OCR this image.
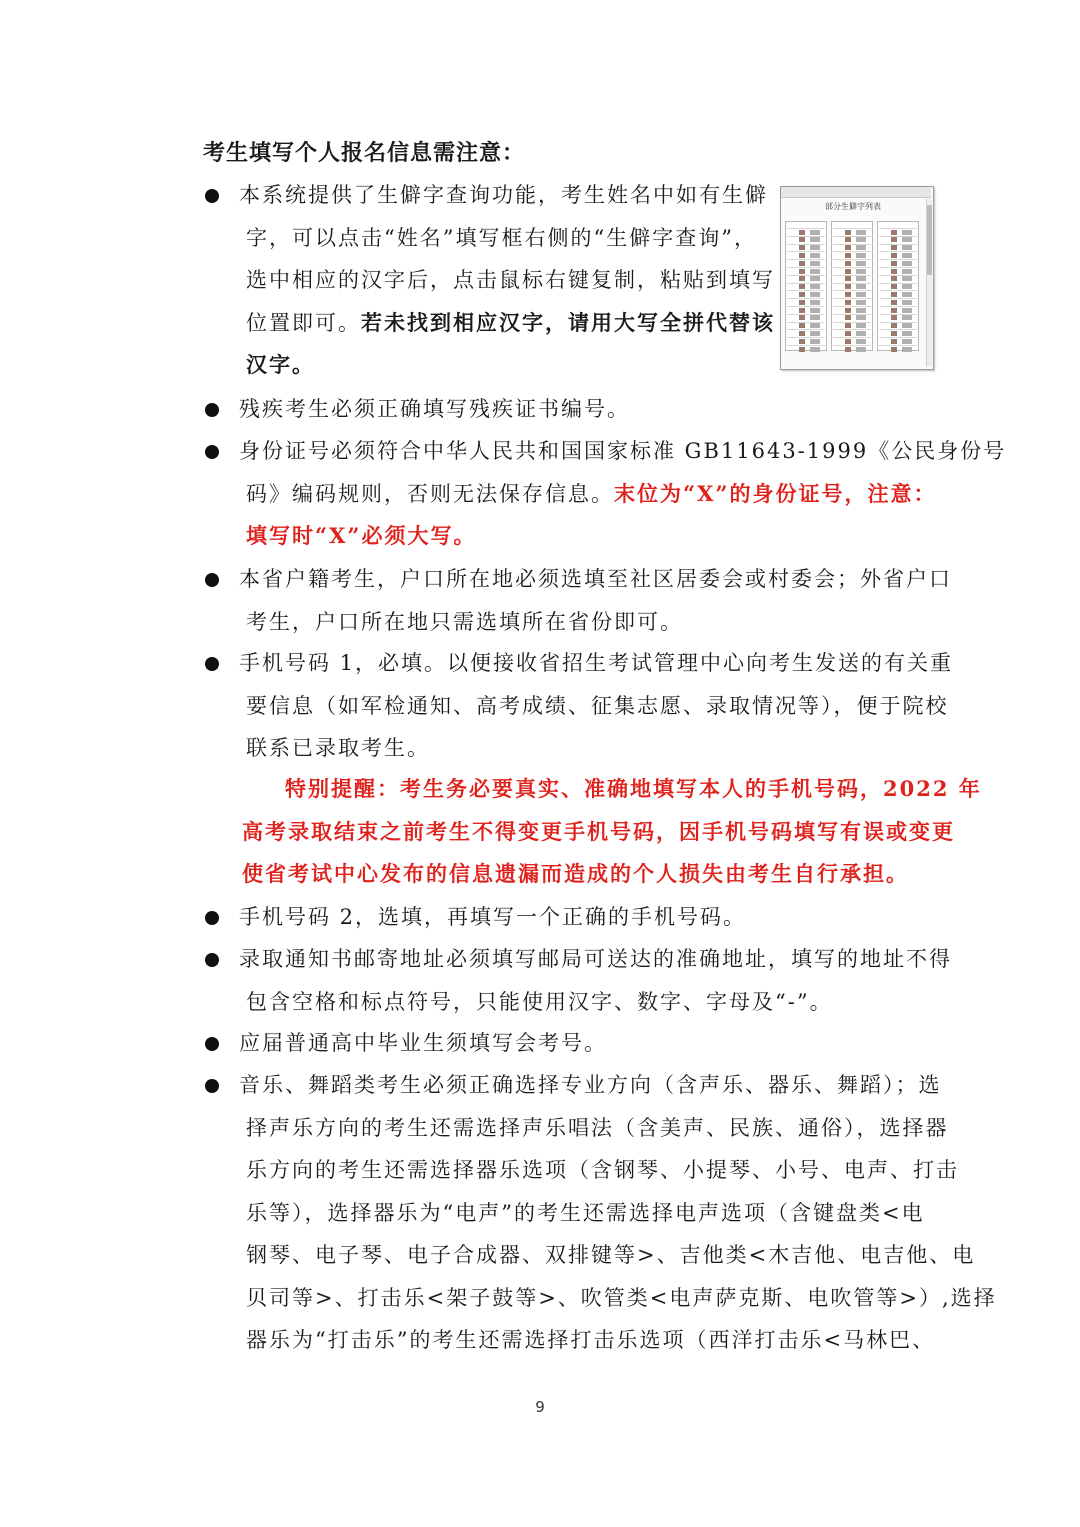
考生填写个人报名信息需注意：
本系统提供了生僻字查询功能，考生姓名中如有生僻
字，可以点击“姓名”填写框右侧的“生僻字查询”，
选中相应的汉字后，点击鼠标右键复制，粘贴到填写
位置即可。若未找到相应汉字，请用大写全拼代替该
汉字。
残疾考生必须正确填写残疾证书编号。
身份证号必须符合中华人民共和国国家标准 GB11643-1999《公民身份号
码》编码规则，否则无法保存信息。末位为“X”的身份证号，注意：
填写时“X”必须大写。
本省户籍考生，户口所在地必须选填至社区居委会或村委会；外省户口
考生，户口所在地只需选填所在省份即可。
手机号码 1，必填。以便接收省招生考试管理中心向考生发送的有关重
要信息（如军检通知、高考成绩、征集志愿、录取情况等），便于院校
联系已录取考生。
手机号码 2，选填，再填写一个正确的手机号码。
录取通知书邮寄地址必须填写邮局可送达的准确地址，填写的地址不得
包含空格和标点符号，只能使用汉字、数字、字母及“-”。
应届普通高中毕业生须填写会考号。
音乐、舞蹈类考生必须正确选择专业方向（含声乐、器乐、舞蹈）；选
择声乐方向的考生还需选择声乐唱法（含美声、民族、通俗），选择器
乐方向的考生还需选择器乐选项（含钢琴、小提琴、小号、电声、打击
乐等），选择器乐为“电声”的考生还需选择电声选项（含键盘类<电
钢琴、电子琴、电子合成器、双排键等>、吉他类<木吉他、电吉他、电
贝司等>、打击乐<架子鼓等>、吹管类<电声萨克斯、电吹管等>）,选择
器乐为“打击乐”的考生还需选择打击乐选项（西洋打击乐<马林巴、
特别提醒：考生务必要真实、准确地填写本人的手机号码，2022 年
高考录取结束之前考生不得变更手机号码，因手机号码填写有误或变更
使省考试中心发布的信息遗漏而造成的个人损失由考生自行承担。
部分生僻字列表
9
